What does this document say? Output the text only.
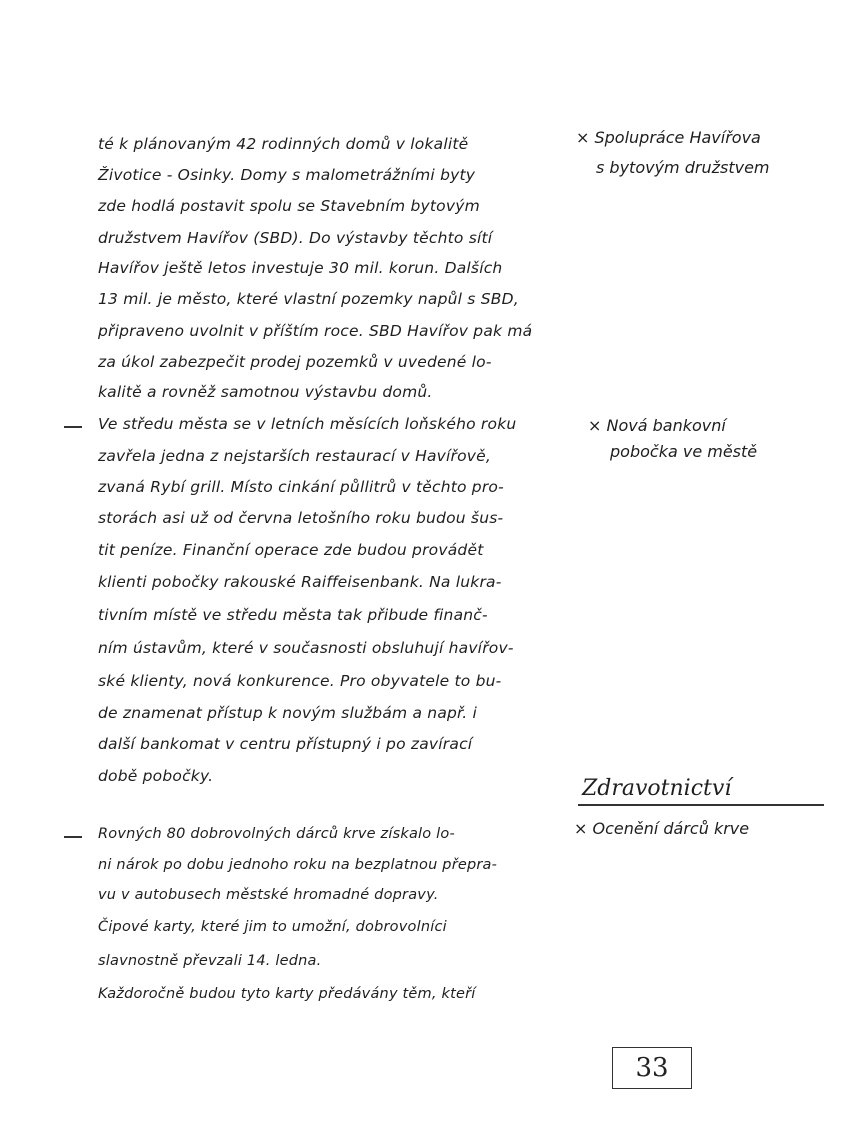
té k plánovaným 42 rodinných domů v lokalitě
Životice - Osinky. Domy s malometrážními byty
zde hodlá postavit spolu se Stavebním bytovým
družstvem Havířov (SBD). Do výstavby těchto sítí
Havířov ještě letos investuje 30 mil. korun. Dalších
13 mil. je město, které vlastní pozemky napůl s SBD,
připraveno uvolnit v příštím roce. SBD Havířov pak má
za úkol zabezpečit prodej pozemků v uvedené lo-
kalitě a rovněž samotnou výstavbu domů.
× Spolupráce Havířova
s bytovým družstvem
Ve středu města se v letních měsících loňského roku
zavřela jedna z nejstarších restaurací v Havířově,
zvaná Rybí grill. Místo cinkání půllitrů v těchto pro-
storách asi už od června letošního roku budou šus-
tit peníze. Finanční operace zde budou provádět
klienti pobočky rakouské Raiffeisenbank. Na lukra-
tivním místě ve středu města tak přibude finanč-
ním ústavům, které v současnosti obsluhují havířov-
ské klienty, nová konkurence. Pro obyvatele to bu-
de znamenat přístup k novým službám a např. i
další bankomat v centru přístupný i po zavírací
době pobočky.
× Nová bankovní
pobočka ve městě
Zdravotnictví
Rovných 80 dobrovolných dárců krve získalo lo-
ni nárok po dobu jednoho roku na bezplatnou přepra-
vu v autobusech městské hromadné dopravy.
Čipové karty, které jim to umožní, dobrovolníci
slavnostně převzali 14. ledna.
Každoročně budou tyto karty předávány těm, kteří
× Ocenění dárců krve
33
